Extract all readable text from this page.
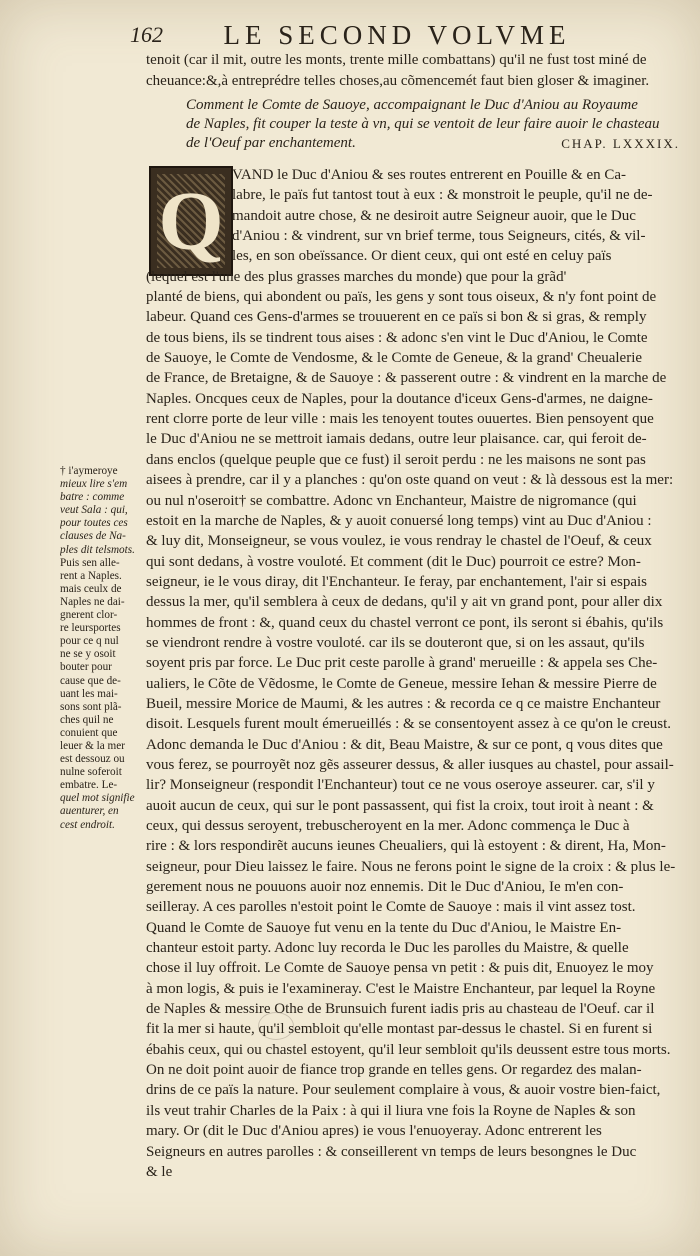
162	LE SECOND VOLVME
tenoit (car il mit, outre les monts, trente mille combattans) qu'il ne fust tost miné de
cheuance:&,à entreprédre telles choses,au cõmencemét faut bien gloser & imaginer.
Comment le Comte de Sauoye, accompaignant le Duc d'Aniou au Royaume
de Naples, fit couper la teste à vn, qui se ventoit de leur faire auoir le chasteau
de l'Oeuf par enchantement.	CHAP. LXXXIX.
Q VAND le Duc d'Aniou & ses routes entrerent en Pouille & en Ca-
labre, le païs fut tantost tout à eux : & monstroit le peuple, qu'il ne de-
mandoit autre chose, & ne desiroit autre Seigneur auoir, que le Duc
d'Aniou : & vindrent, sur vn brief terme, tous Seigneurs, cités, & vil-
les, en son obeïssance. Or dient ceux, qui ont esté en celuy païs
(lequel est l'une des plus grasses marches du monde) que pour la grãd'
planté de biens, qui abondent ou païs, les gens y sont tous oiseux, & n'y font point de
labeur. Quand ces Gens-d'armes se trouuerent en ce païs si bon & si gras, & remply
de tous biens, ils se tindrent tous aises : & adonc s'en vint le Duc d'Aniou, le Comte
de Sauoye, le Comte de Vendosme, & le Comte de Geneue, & la grand' Cheualerie
de France, de Bretaigne, & de Sauoye : & passerent outre : & vindrent en la marche de
Naples. Oncques ceux de Naples, pour la doutance d'iceux Gens-d'armes, ne daigne-
rent clorre porte de leur ville : mais les tenoyent toutes ouuertes. Bien pensoyent que
le Duc d'Aniou ne se mettroit iamais dedans, outre leur plaisance. car, qui feroit de-
dans enclos (quelque peuple que ce fust) il seroit perdu : ne les maisons ne sont pas
aisees à prendre, car il y a planches : qu'on oste quand on veut : & là dessous est la mer:
ou nul n'oseroit† se combattre. Adonc vn Enchanteur, Maistre de nigromance (qui
estoit en la marche de Naples, & y auoit conuersé long temps) vint au Duc d'Aniou :
& luy dit, Monseigneur, se vous voulez, ie vous rendray le chastel de l'Oeuf, & ceux
qui sont dedans, à vostre vouloté. Et comment (dit le Duc) pourroit ce estre? Mon-
seigneur, ie le vous diray, dit l'Enchanteur. Ie feray, par enchantement, l'air si espais
dessus la mer, qu'il semblera à ceux de dedans, qu'il y ait vn grand pont, pour aller dix
hommes de front : &, quand ceux du chastel verront ce pont, ils seront si ébahis, qu'ils
se viendront rendre à vostre vouloté. car ils se douteront que, si on les assaut, qu'ils
soyent pris par force. Le Duc prit ceste parolle à grand' merueille : & appela ses Che-
ualiers, le Cõte de Vẽdosme, le Comte de Geneue, messire Iehan & messire Pierre de
Bueil, messire Morice de Maumi, & les autres : & recorda ce q ce maistre Enchanteur
disoit. Lesquels furent moult émerueillés : & se consentoyent assez à ce qu'on le creust.
Adonc demanda le Duc d'Aniou : & dit, Beau Maistre, & sur ce pont, q vous dites que
vous ferez, se pourroyẽt noz gẽs asseurer dessus, & aller iusques au chastel, pour assail-
lir? Monseigneur (respondit l'Enchanteur) tout ce ne vous oseroye asseurer. car, s'il y
auoit aucun de ceux, qui sur le pont passassent, qui fist la croix, tout iroit à neant : &
ceux, qui dessus seroyent, trebuscheroyent en la mer. Adonc commença le Duc à
rire : & lors respondirẽt aucuns ieunes Cheualiers, qui là estoyent : & dirent, Ha, Mon-
seigneur, pour Dieu laissez le faire. Nous ne ferons point le signe de la croix : & plus le-
gerement nous ne pouuons auoir noz ennemis. Dit le Duc d'Aniou, Ie m'en con-
seilleray. A ces parolles n'estoit point le Comte de Sauoye : mais il vint assez tost.
Quand le Comte de Sauoye fut venu en la tente du Duc d'Aniou, le Maistre En-
chanteur estoit party. Adonc luy recorda le Duc les parolles du Maistre, & quelle
chose il luy offroit. Le Comte de Sauoye pensa vn petit : & puis dit, Enuoyez le moy
à mon logis, & puis ie l'examineray. C'est le Maistre Enchanteur, par lequel la Royne
de Naples & messire Othe de Brunsuich furent iadis pris au chasteau de l'Oeuf. car il
fit la mer si haute, qu'il sembloit qu'elle montast par-dessus le chastel. Si en furent si
ébahis ceux, qui ou chastel estoyent, qu'il leur sembloit qu'ils deussent estre tous morts.
On ne doit point auoir de fiance trop grande en telles gens. Or regardez des malan-
drins de ce païs la nature. Pour seulement complaire à vous, & auoir vostre bien-faict,
ils veut trahir Charles de la Paix : à qui il liura vne fois la Royne de Naples & son
mary. Or (dit le Duc d'Aniou apres) ie vous l'enuoyeray. Adonc entrerent les
Seigneurs en autres parolles : & conseillerent vn temps de leurs besongnes le Duc
& le
† i'aymeroye
mieux lire s'em
batre : comme
veut Sala : qui,
pour toutes ces
clauses de Na-
ples dit telsmots.
Puis sen alle-
rent a Naples.
mais ceulx de
Naples ne dai-
gnerent clor-
re leursportes
pour ce q nul
ne se y osoit
bouter pour
cause que de-
uant les mai-
sons sont plã-
ches quil ne
conuient que
leuer & la mer
est dessouz ou
nulne soferoit
embatre. Le-
quel mot signifie
auenturer, en
cest endroit.
